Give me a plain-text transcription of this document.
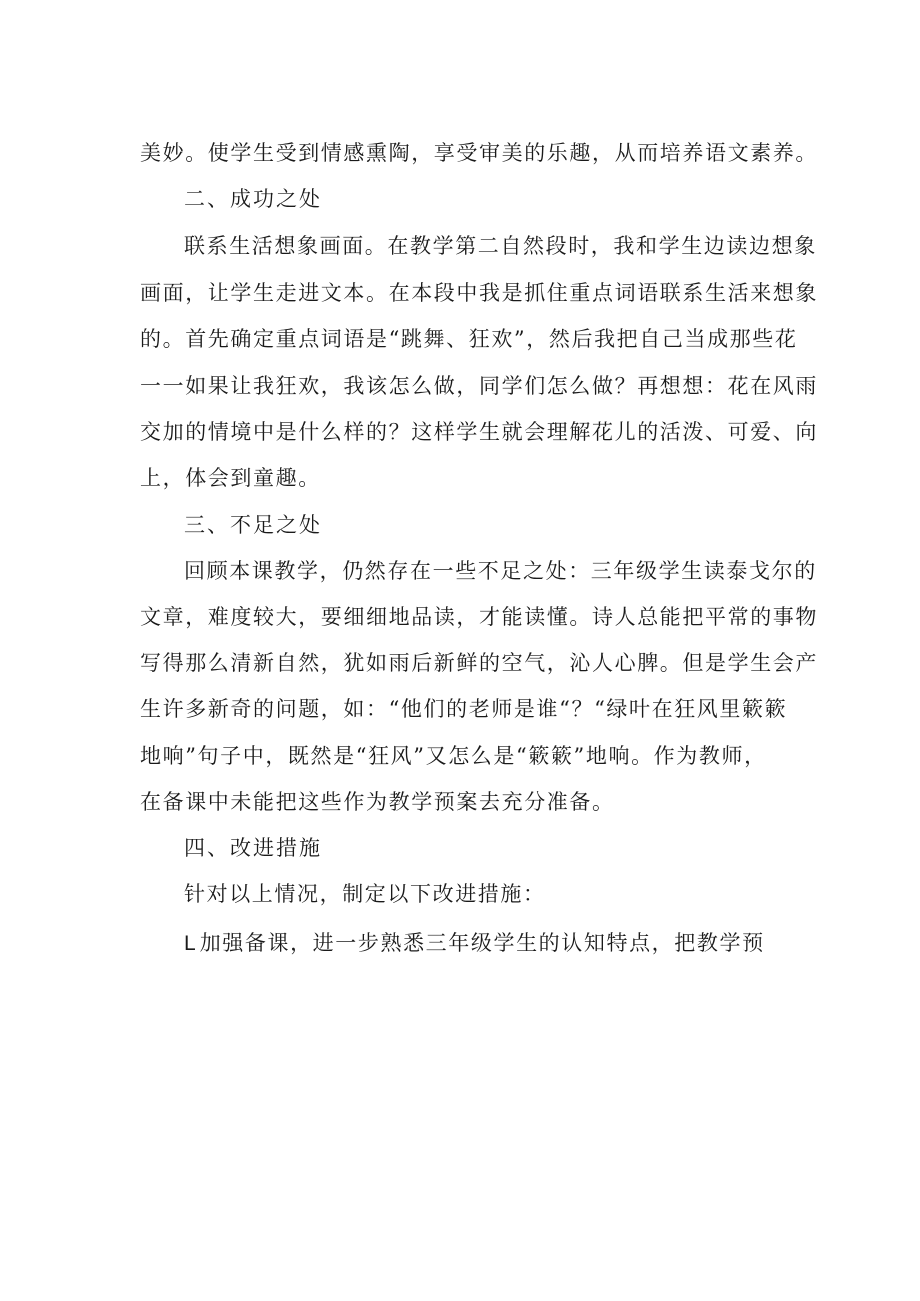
美妙。使学生受到情感熏陶，享受审美的乐趣，从而培养语文素养。
二、成功之处
联系生活想象画面。在教学第二自然段时，我和学生边读边想象
画面，让学生走进文本。在本段中我是抓住重点词语联系生活来想象
的。首先确定重点词语是“跳舞、狂欢”，然后我把自己当成那些花
一一如果让我狂欢，我该怎么做，同学们怎么做？再想想：花在风雨
交加的情境中是什么样的？这样学生就会理解花儿的活泼、可爱、向
上，体会到童趣。
三、不足之处
回顾本课教学，仍然存在一些不足之处：三年级学生读泰戈尔的
文章，难度较大，要细细地品读，才能读懂。诗人总能把平常的事物
写得那么清新自然，犹如雨后新鲜的空气，沁人心脾。但是学生会产
生许多新奇的问题，如：“他们的老师是谁“？“绿叶在狂风里簌簌
地响”句子中，既然是“狂风”又怎么是“簌簌”地响。作为教师，
在备课中未能把这些作为教学预案去充分准备。
四、改进措施
针对以上情况，制定以下改进措施：
L 加强备课，进一步熟悉三年级学生的认知特点，把教学预
